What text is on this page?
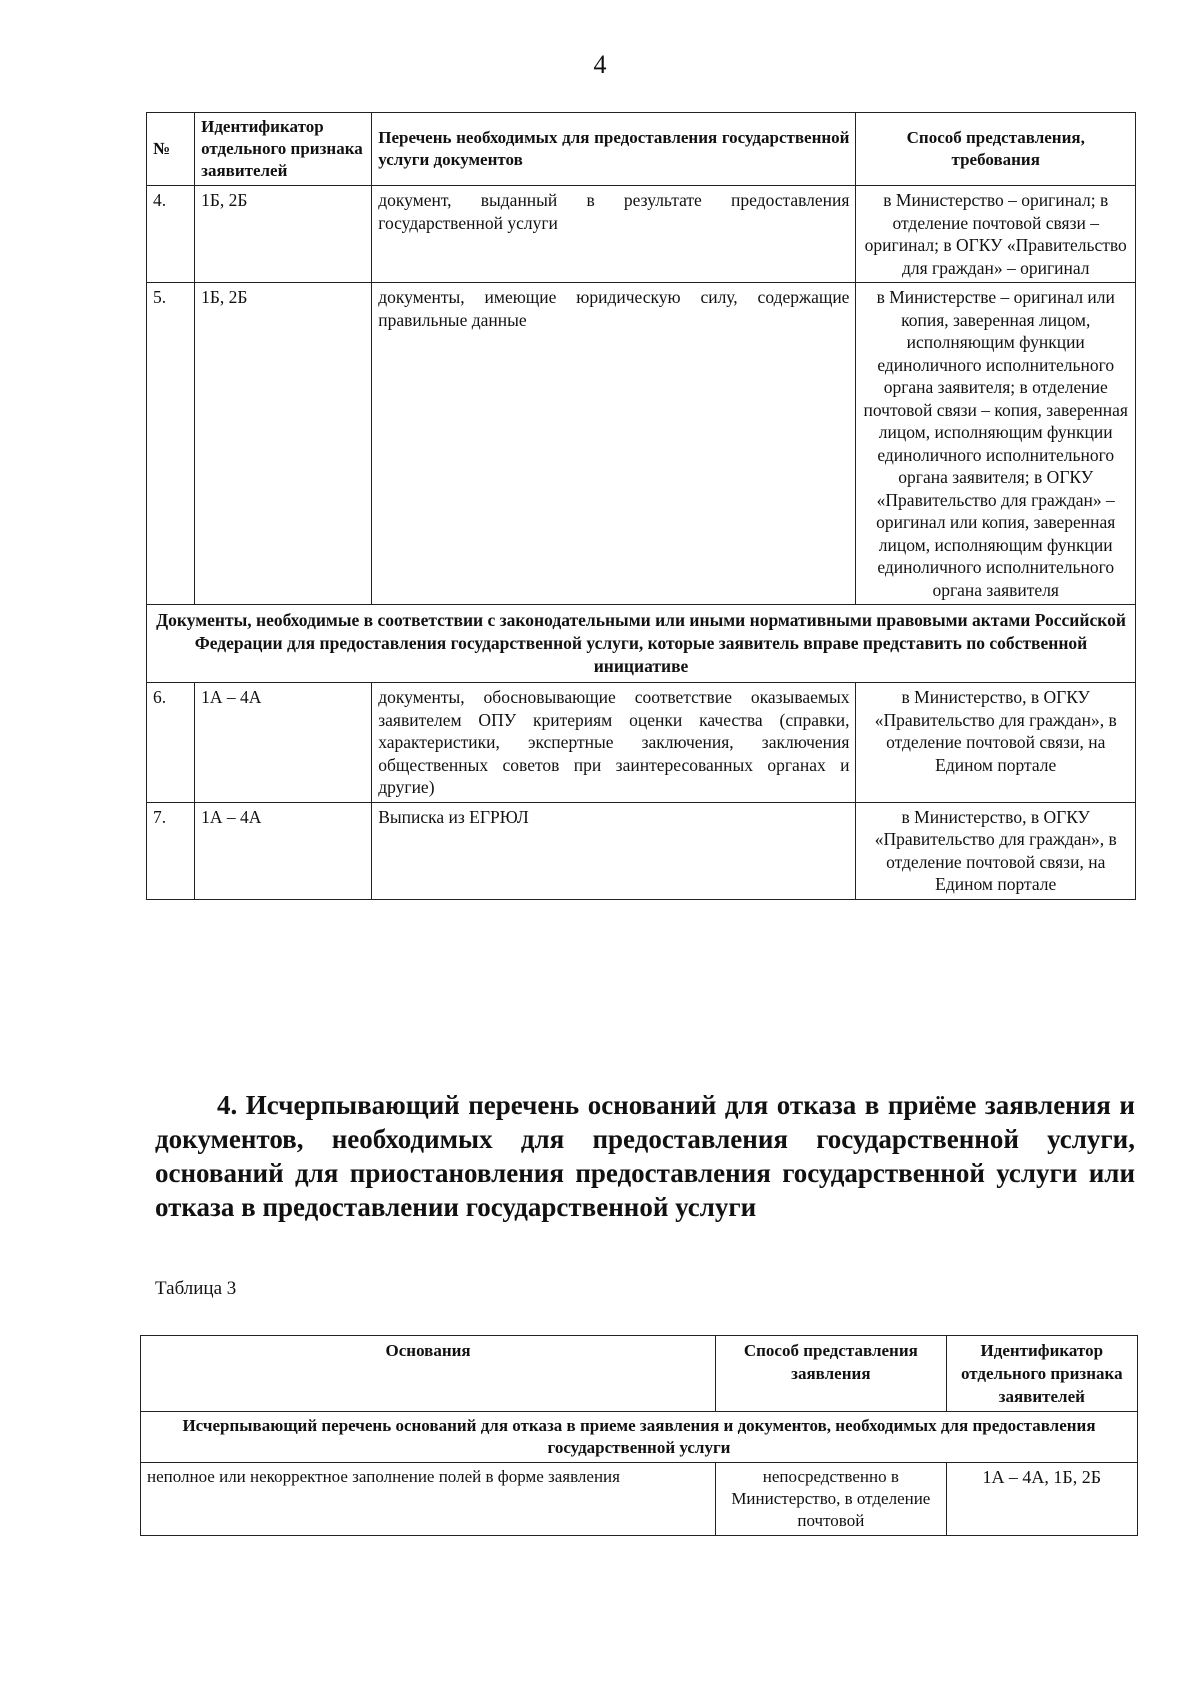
4
№	Идентификатор отдельного признака заявителей	Перечень необходимых для предоставления государственной услуги документов	Способ представления, требования
4.	1Б, 2Б	документ, выданный в результате предоставления государственной услуги	в Министерство – оригинал; в отделение почтовой связи – оригинал; в ОГКУ «Правительство для граждан» – оригинал
5.	1Б, 2Б	документы, имеющие юридическую силу, содержащие правильные данные	в Министерстве – оригинал или копия, заверенная лицом, исполняющим функции единоличного исполнительного органа заявителя; в отделение почтовой связи – копия, заверенная лицом, исполняющим функции единоличного исполнительного органа заявителя; в ОГКУ «Правительство для граждан» – оригинал или копия, заверенная лицом, исполняющим функции единоличного исполнительного органа заявителя
Документы, необходимые в соответствии с законодательными или иными нормативными правовыми актами Российской Федерации для предоставления государственной услуги, которые заявитель вправе представить по собственной инициативе			
6.	1А – 4А	документы, обосновывающие соответствие оказываемых заявителем ОПУ критериям оценки качества (справки, характеристики, экспертные заключения, заключения общественных советов при заинтересованных органах и другие)	в Министерство, в ОГКУ «Правительство для граждан», в отделение почтовой связи, на Едином портале
7.	1А – 4А	Выписка из ЕГРЮЛ	в Министерство, в ОГКУ «Правительство для граждан», в отделение почтовой связи, на Едином портале
4. Исчерпывающий перечень оснований для отказа в приёме заявления и документов, необходимых для предоставления государственной услуги, оснований для приостановления предоставления государственной услуги или отказа в предоставлении государственной услуги
Таблица 3
Основания	Способ представления заявления	Идентификатор отдельного признака заявителей
Исчерпывающий перечень оснований для отказа в приеме заявления и документов, необходимых для предоставления государственной услуги		
неполное или некорректное заполнение полей в форме заявления	непосредственно в Министерство, в отделение почтовой	1А – 4А, 1Б, 2Б
